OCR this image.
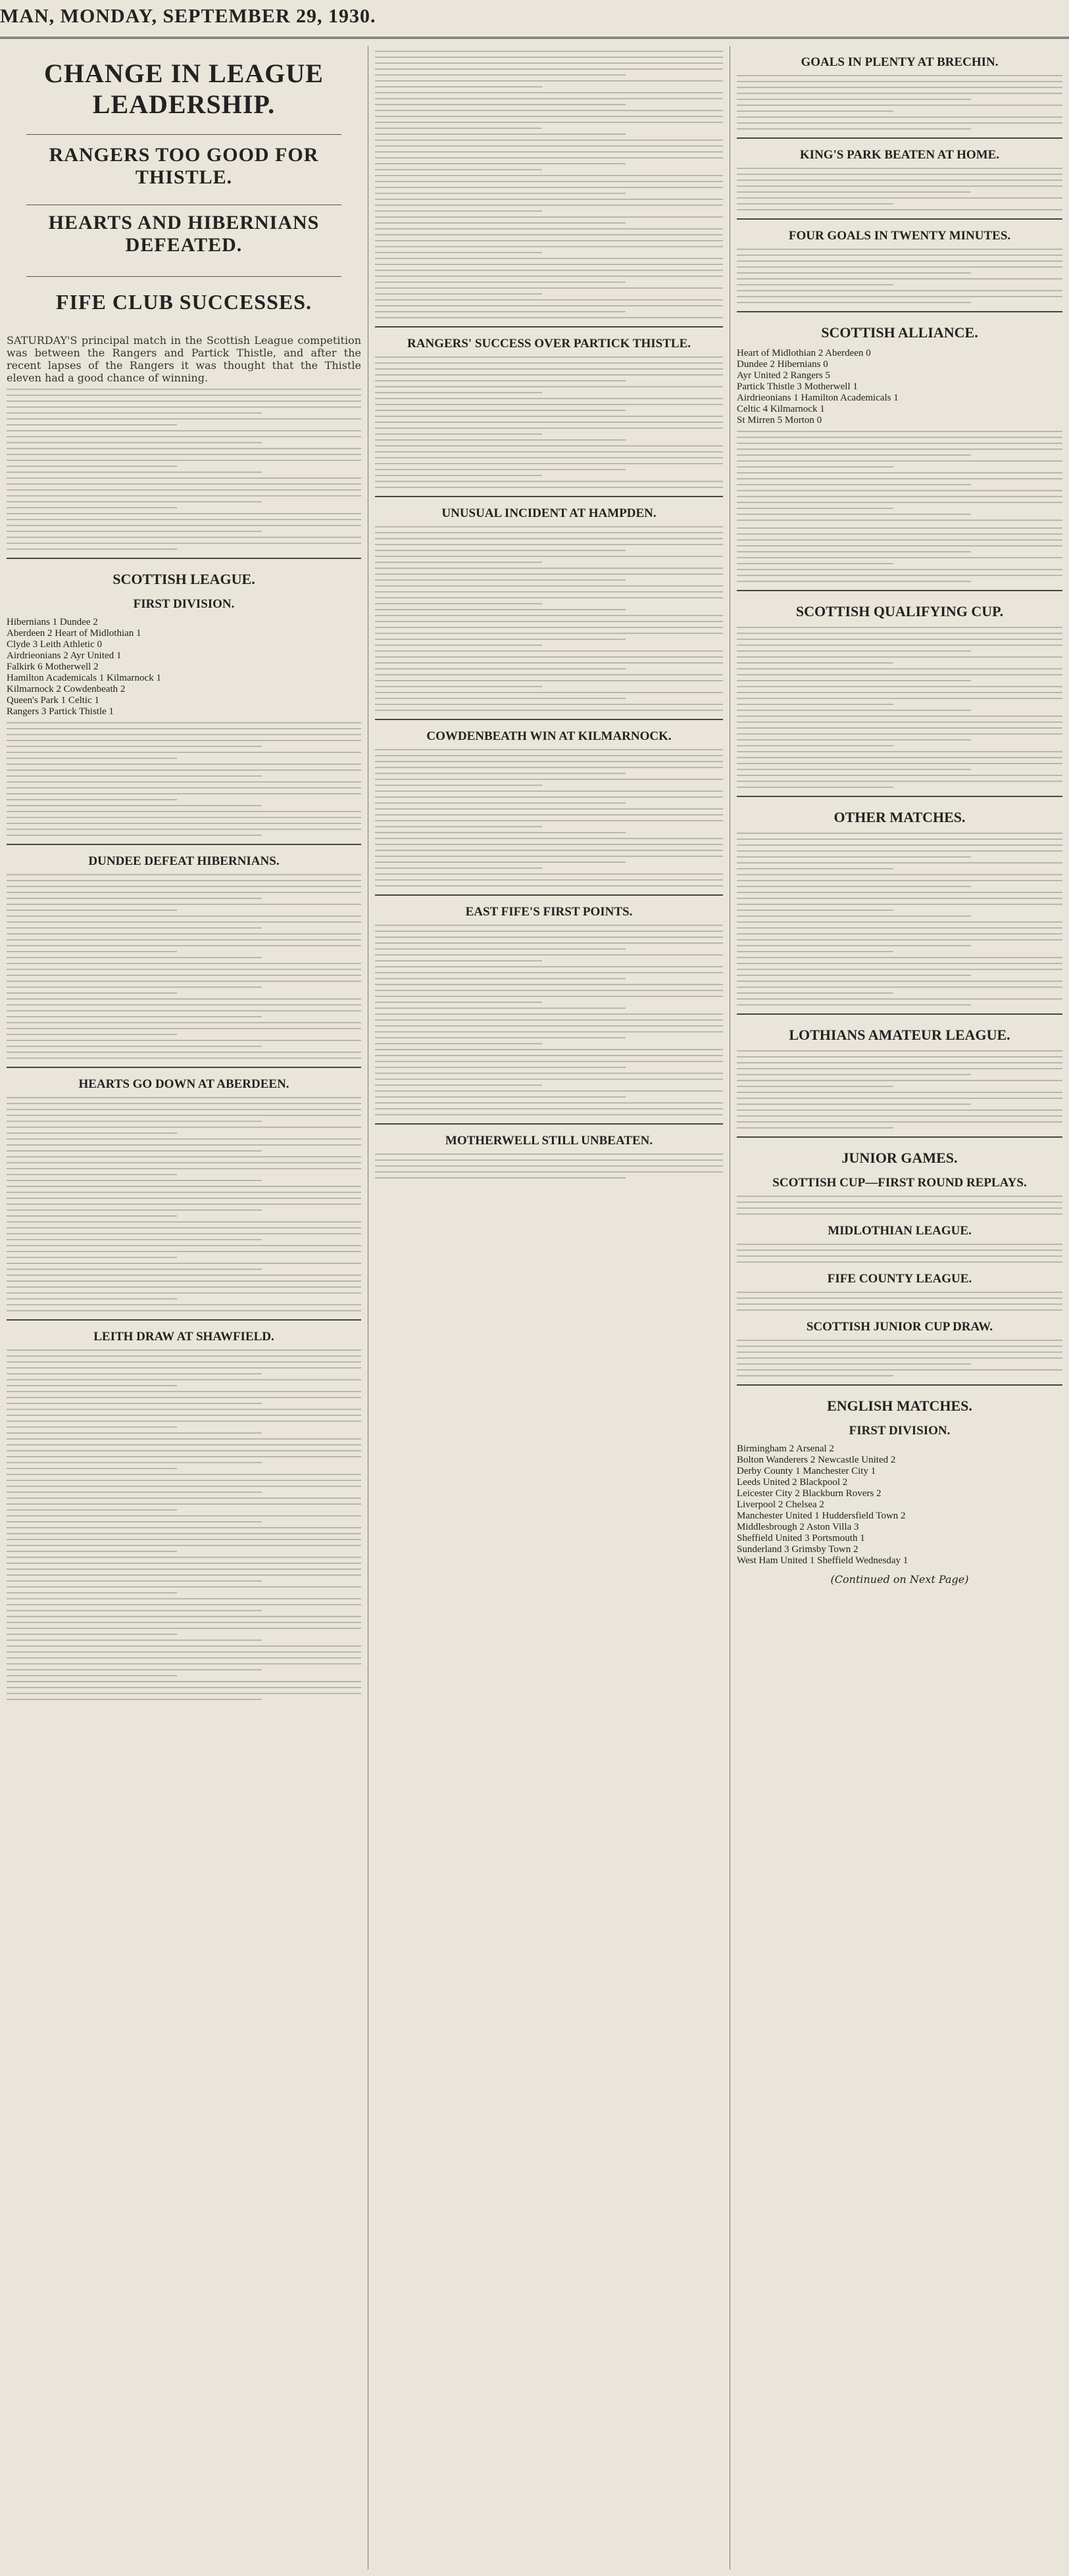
MAN, MONDAY, SEPTEMBER 29, 1930.
CHANGE IN LEAGUE LEADERSHIP.
RANGERS TOO GOOD FOR THISTLE.
HEARTS AND HIBERNIANS DEFEATED.
FIFE CLUB SUCCESSES.
SATURDAY'S principal match in the Scottish League competition was between the Rangers and Partick Thistle, and after the recent lapses of the Rangers it was thought that the Thistle eleven had a good chance of winning.
SCOTTISH LEAGUE.
FIRST DIVISION.
Hibernians 1 Dundee 2
Aberdeen 2 Heart of Midlothian 1
Clyde 3 Leith Athletic 0
Airdrieonians 2 Ayr United 1
Falkirk 6 Motherwell 2
Hamilton Academicals 1 Kilmarnock 1
Kilmarnock 2 Cowdenbeath 2
Queen's Park 1 Celtic 1
Rangers 3 Partick Thistle 1
DUNDEE DEFEAT HIBERNIANS.
HEARTS GO DOWN AT ABERDEEN.
LEITH DRAW AT SHAWFIELD.
RANGERS' SUCCESS OVER PARTICK THISTLE.
UNUSUAL INCIDENT AT HAMPDEN.
COWDENBEATH WIN AT KILMARNOCK.
EAST FIFE'S FIRST POINTS.
MOTHERWELL STILL UNBEATEN.
GOALS IN PLENTY AT BRECHIN.
KING'S PARK BEATEN AT HOME.
FOUR GOALS IN TWENTY MINUTES.
SCOTTISH ALLIANCE.
Heart of Midlothian 2 Aberdeen 0
Dundee 2 Hibernians 0
Ayr United 2 Rangers 5
Partick Thistle 3 Motherwell 1
Airdrieonians 1 Hamilton Academicals 1
Celtic 4 Kilmarnock 1
St Mirren 5 Morton 0
SCOTTISH QUALIFYING CUP.
OTHER MATCHES.
LOTHIANS AMATEUR LEAGUE.
JUNIOR GAMES.
SCOTTISH CUP—FIRST ROUND REPLAYS.
MIDLOTHIAN LEAGUE.
FIFE COUNTY LEAGUE.
SCOTTISH JUNIOR CUP DRAW.
ENGLISH MATCHES.
FIRST DIVISION.
Birmingham 2 Arsenal 2
Bolton Wanderers 2 Newcastle United 2
Derby County 1 Manchester City 1
Leeds United 2 Blackpool 2
Leicester City 2 Blackburn Rovers 2
Liverpool 2 Chelsea 2
Manchester United 1 Huddersfield Town 2
Middlesbrough 2 Aston Villa 3
Sheffield United 3 Portsmouth 1
Sunderland 3 Grimsby Town 2
West Ham United 1 Sheffield Wednesday 1
(Continued on Next Page)
